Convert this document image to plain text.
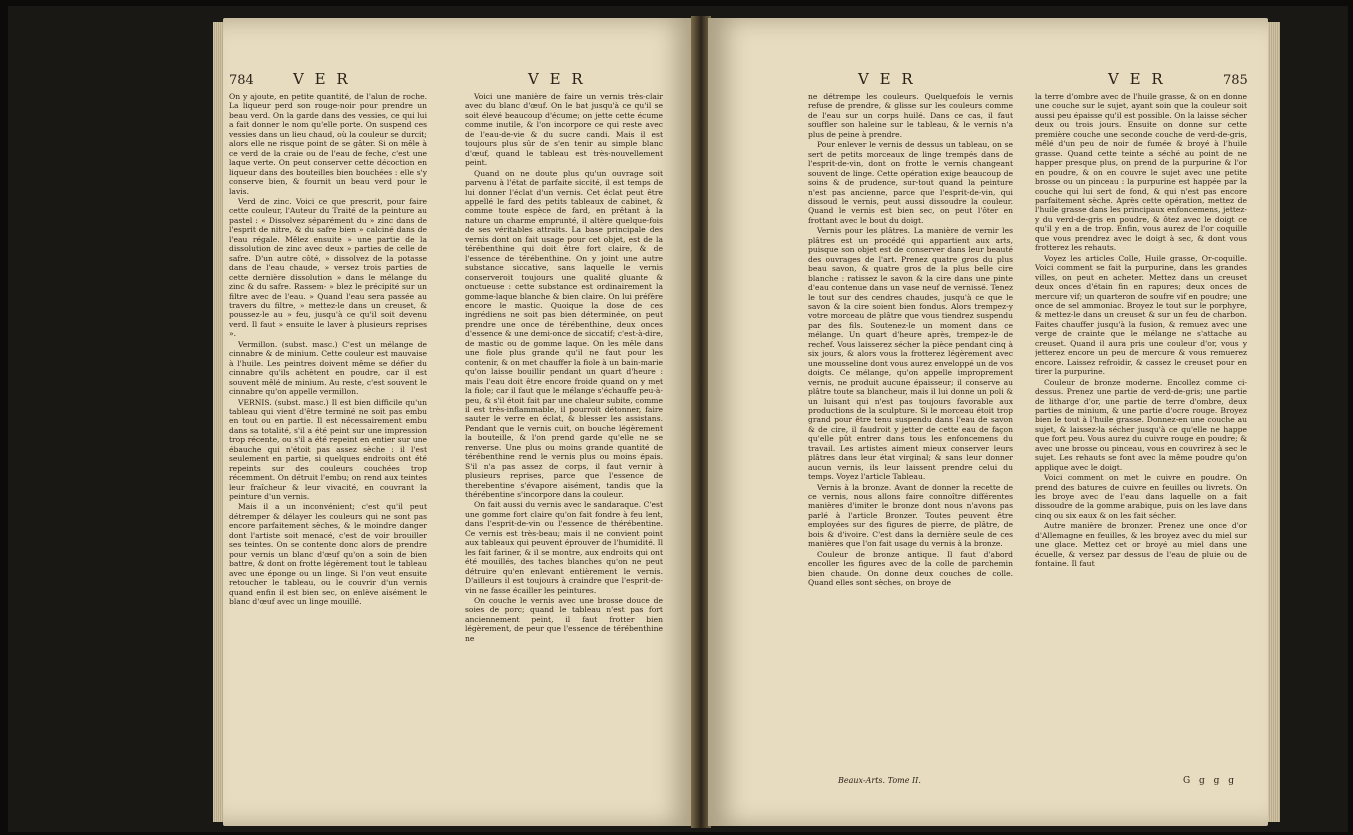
784	V E R	V E R

On y ajoute, en petite quantité, de l'alun de roche. La liqueur perd son rouge-noir pour prendre un beau verd. On la garde dans des vessies, ce qui lui a fait donner le nom qu'elle porte. On suspend ces vessies dans un lieu chaud, où la couleur se durcit; alors elle ne risque point de se gâter. Si on mêle à ce verd de la craie ou de l'eau de feche, c'est une laque verte. On peut conserver cette décoction en liqueur dans des bouteilles bien bouchées : elle s'y conserve bien, & fournit un beau verd pour le lavis.

Verd de zinc. Voici ce que prescrit, pour faire cette couleur, l'Auteur du Traité de la peinture au pastel : « Dissolvez séparément du » zinc dans de l'esprit de nitre, & du safre bien » calciné dans de l'eau régale. Mêlez ensuite » une partie de la dissolution de zinc avec deux » parties de celle de safre. D'un autre côté, » dissolvez de la potasse dans de l'eau chaude, » versez trois parties de cette dernière dissolution » dans le mélange du zinc & du safre. Rassem- » blez le précipité sur un filtre avec de l'eau. » Quand l'eau sera passée au travers du filtre, » mettez-le dans un creuset, & poussez-le au » feu, jusqu'à ce qu'il soit devenu verd. Il faut » ensuite le laver à plusieurs reprises ».

Vermillon. (subst. masc.) C'est un mélange de cinnabre & de minium. Cette couleur est mauvaise à l'huile. Les peintres doivent même se défier du cinnabre qu'ils achètent en poudre, car il est souvent mêlé de minium. Au reste, c'est souvent le cinnabre qu'on appelle vermillon.

VERNIS. (subst. masc.) Il est bien difficile qu'un tableau qui vient d'être terminé ne soit pas embu en tout ou en partie. Il est nécessairement embu dans sa totalité, s'il a été peint sur une impression trop récente, ou s'il a été repeint en entier sur une ébauche qui n'étoit pas assez sèche : il l'est seulement en partie, si quelques endroits ont été repeints sur des couleurs couchées trop récemment. On détruit l'embu; on rend aux teintes leur fraîcheur & leur vivacité, en couvrant la peinture d'un vernis.

Mais il a un inconvénient; c'est qu'il peut détremper & délayer les couleurs qui ne sont pas encore parfaitement sèches, & le moindre danger dont l'artiste soit menacé, c'est de voir brouiller ses teintes. On se contente donc alors de prendre pour vernis un blanc d'œuf qu'on a soin de bien battre, & dont on frotte légèrement tout le tableau avec une éponge ou un linge. Si l'on veut ensuite retoucher le tableau, ou le couvrir d'un vernis quand enfin il est bien sec, on enlève aisément le blanc d'œuf avec un linge mouillé.

Voici une manière de faire un vernis très-clair avec du blanc d'œuf. On le bat jusqu'à ce qu'il se soit élevé beaucoup d'écume; on jette cette écume comme inutile, & l'on incorpore ce qui reste avec de l'eau-de-vie & du sucre candi. Mais il est toujours plus sûr de s'en tenir au simple blanc d'œuf, quand le tableau est très-nouvellement peint.

Quand on ne doute plus qu'un ouvrage soit parvenu à l'état de parfaite siccité, il est temps de lui donner l'éclat d'un vernis. Cet éclat peut être appellé le fard des petits tableaux de cabinet, & comme toute espèce de fard, en prêtant à la nature un charme emprunté, il altère quelque-fois de ses véritables attraits. La base principale des vernis dont on fait usage pour cet objet, est de la térébenthine qui doit être fort claire, & de l'essence de térébenthine. On y joint une autre substance siccative, sans laquelle le vernis conserveroit toujours une qualité gluante & onctueuse : cette substance est ordinairement la gomme-laque blanche & bien claire. On lui préfère encore le mastic. Quoique la dose de ces ingrédiens ne soit pas bien déterminée, on peut prendre une once de térébenthine, deux onces d'essence & une demi-once de siccatif; c'est-à-dire, de mastic ou de gomme laque. On les mêle dans une fiole plus grande qu'il ne faut pour les contenir, & on met chauffer la fiole à un bain-marie qu'on laisse bouillir pendant un quart d'heure : mais l'eau doit être encore froide quand on y met la fiole; car il faut que le mélange s'échauffe peu-à-peu, & s'il étoit fait par une chaleur subite, comme il est très-inflammable, il pourroit détonner, faire sauter le verre en éclat, & blesser les assistans. Pendant que le vernis cuit, on bouche légèrement la bouteille, & l'on prend garde qu'elle ne se renverse. Une plus ou moins grande quantité de térébenthine rend le vernis plus ou moins épais. S'il n'a pas assez de corps, il faut vernir à plusieurs reprises, parce que l'essence de therebentine s'évapore aisément, tandis que la thérébentine s'incorpore dans la couleur.

On fait aussi du vernis avec le sandaraque. C'est une gomme fort claire qu'on fait fondre à feu lent, dans l'esprit-de-vin ou l'essence de thérébentine. Ce vernis est très-beau; mais il ne convient point aux tableaux qui peuvent éprouver de l'humidité. Il les fait fariner, & il se montre, aux endroits qui ont été mouillés, des taches blanches qu'on ne peut détruire qu'en enlevant entièrement le vernis. D'ailleurs il est toujours à craindre que l'esprit-de-vin ne fasse écailler les peintures.

On couche le vernis avec une brosse douce de soies de porc; quand le tableau n'est pas fort anciennement peint, il faut frotter bien légèrement, de peur que l'essence de térébenthine ne

V E R	V E R	785

ne détrempe les couleurs. Quelquefois le vernis refuse de prendre, & glisse sur les couleurs comme de l'eau sur un corps huilé. Dans ce cas, il faut souffler son haleine sur le tableau, & le vernis n'a plus de peine à prendre.

Pour enlever le vernis de dessus un tableau, on se sert de petits morceaux de linge trempés dans de l'esprit-de-vin, dont on frotte le vernis changeant souvent de linge. Cette opération exige beaucoup de soins & de prudence, sur-tout quand la peinture n'est pas ancienne, parce que l'esprit-de-vin, qui dissoud le vernis, peut aussi dissoudre la couleur. Quand le vernis est bien sec, on peut l'ôter en frottant avec le bout du doigt.

Vernis pour les plâtres. La manière de vernir les plâtres est un procédé qui appartient aux arts, puisque son objet est de conserver dans leur beauté des ouvrages de l'art. Prenez quatre gros du plus beau savon, & quatre gros de la plus belle cire blanche : ratissez le savon & la cire dans une pinte d'eau contenue dans un vase neuf de vernissé. Tenez le tout sur des cendres chaudes, jusqu'à ce que le savon & la cire soient bien fondus. Alors trempez-y votre morceau de plâtre que vous tiendrez suspendu par des fils. Soutenez-le un moment dans ce mélange. Un quart d'heure après, trempez-le de rechef. Vous laisserez sécher la pièce pendant cinq à six jours, & alors vous la frotterez légèrement avec une mousseline dont vous aurez enveloppé un de vos doigts. Ce mélange, qu'on appelle improprement vernis, ne produit aucune épaisseur; il conserve au plâtre toute sa blancheur, mais il lui donne un poli & un luisant qui n'est pas toujours favorable aux productions de la sculpture. Si le morceau étoit trop grand pour être tenu suspendu dans l'eau de savon & de cire, il faudroit y jetter de cette eau de façon qu'elle pût entrer dans tous les enfoncemens du travail. Les artistes aiment mieux conserver leurs plâtres dans leur état virginal; & sans leur donner aucun vernis, ils leur laissent prendre celui du temps. Voyez l'article Tableau.

Vernis à la bronze. Avant de donner la recette de ce vernis, nous allons faire connoître différentes manières d'imiter le bronze dont nous n'avons pas parlé à l'article Bronzer. Toutes peuvent être employées sur des figures de pierre, de plâtre, de bois & d'ivoire. C'est dans la dernière seule de ces manières que l'on fait usage du vernis à la bronze.

Couleur de bronze antique. Il faut d'abord encoller les figures avec de la colle de parchemin bien chaude. On donne deux couches de colle. Quand elles sont sèches, on broye de

la terre d'ombre avec de l'huile grasse, & on en donne une couche sur le sujet, ayant soin que la couleur soit aussi peu épaisse qu'il est possible. On la laisse sécher deux ou trois jours. Ensuite on donne sur cette première couche une seconde couche de verd-de-gris, mêlé d'un peu de noir de fumée & broyé à l'huile grasse. Quand cette teinte a séché au point de ne happer presque plus, on prend de la purpurine & l'or en poudre, & on en couvre le sujet avec une petite brosse ou un pinceau : la purpurine est happée par la couche qui lui sert de fond, & qui n'est pas encore parfaitement sèche. Après cette opération, mettez de l'huile grasse dans les principaux enfoncemens, jettez-y du verd-de-gris en poudre, & ôtez avec le doigt ce qu'il y en a de trop. Enfin, vous aurez de l'or coquille que vous prendrez avec le doigt à sec, & dont vous frotterez les rehauts.

Voyez les articles Colle, Huile grasse, Or-coquille. Voici comment se fait la purpurine, dans les grandes villes, on peut en acheter. Mettez dans un creuset deux onces d'étain fin en rapures; deux onces de mercure vif; un quarteron de soufre vif en poudre; une once de sel ammoniac. Broyez le tout sur le porphyre, & mettez-le dans un creuset & sur un feu de charbon. Faites chauffer jusqu'à la fusion, & remuez avec une verge de crainte que le mélange ne s'attache au creuset. Quand il aura pris une couleur d'or, vous y jetterez encore un peu de mercure & vous remuerez encore. Laissez refroidir, & cassez le creuset pour en tirer la purpurine.

Couleur de bronze moderne. Encollez comme ci-dessus. Prenez une partie de verd-de-gris; une partie de litharge d'or, une partie de terre d'ombre, deux parties de minium, & une partie d'ocre rouge. Broyez bien le tout à l'huile grasse. Donnez-en une couche au sujet, & laissez-la sécher jusqu'à ce qu'elle ne happe que fort peu. Vous aurez du cuivre rouge en poudre; & avec une brosse ou pinceau, vous en couvrirez à sec le sujet. Les rehauts se font avec la même poudre qu'on applique avec le doigt.

Voici comment on met le cuivre en poudre. On prend des batures de cuivre en feuilles ou livrets. On les broye avec de l'eau dans laquelle on a fait dissoudre de la gomme arabique, puis on les lave dans cinq ou six eaux & on les fait sécher.

Autre manière de bronzer. Prenez une once d'or d'Allemagne en feuilles, & les broyez avec du miel sur une glace. Mettez cet or broyé au miel dans une écuelle, & versez par dessus de l'eau de pluie ou de fontaine. Il faut

Beaux-Arts. Tome II.	G g g g
